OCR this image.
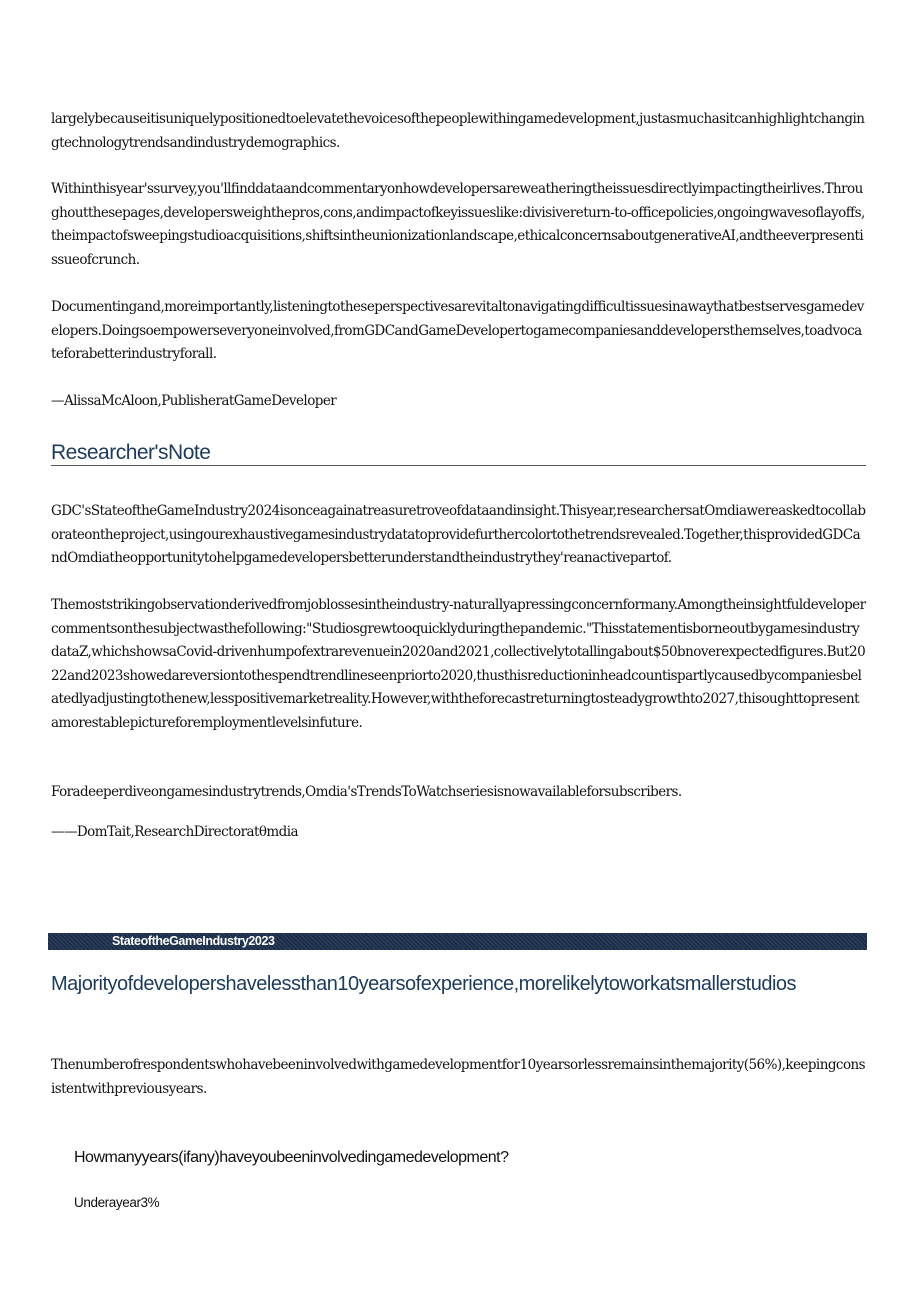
largelybecauseitisuniquelypositionedtoelevatethevoicesofthepeoplewithingamedevelopment,justasmuchasitcanhighlightchangingtechnologytrendsandindustrydemographics.

Withinthisyear'ssurvey,you'llfinddataandcommentaryonhowdevelopersareweatheringtheissuesdirectlyimpactingtheirlives.Throughoutthesepages,developersweighthepros,cons,andimpactofkeyissueslike:divisiverеturn-to-officepolicies,ongoingwavesoflayoffs,theimpactofsweepingstudioacquisitions,shiftsintheunionizationlandscape,ethicalconcernsaboutgenerativeAI,andtheeverpresentissueofcrunch.

Documentingand,moreimportantly,listeningtotheseperspectivesarevitaltonavigatingdifficultissuesinawaythatbestservesgamedevelopers.Doingsoempowerseveryoneinvolved,fromGDCandGameDevelopertogamecompaniesanddevelopersthemselves,toadvocateforabetterindustryforall.

—AlissaMcAloon,PublisheratGameDeveloper

Researcher'sNote

GDC'sStateoftheGameIndustry2024isonceagainatreasuretroveofdataandinsight.Thisyear,researchersatOmdiawereaskedtocollaborateontheproject,usingourexhaustivegamesindustrydatatoprovidefurthercolortothetrendsrevealed.Together,thisprovidedGDCandOmdiatheopportunitytohelpgamedevelopersbetterunderstandtheindustrythey'reanactivepartof.

Themoststrikingobservationderivedfromjoblossesintheindustry-naturallyapressingconcernformany.Amongtheinsightfuldevelopercommentsonthesubjectwasthefollowing:"Studiosgrewtooquicklyduringthepandemic."ThisstatementisborneoutbygamesindustrydataZ,whichshowsaCovid-drivenhumpofextrarevenuein2020and2021,collectivelytotallingabout$50bnoverexpectedfigures.But2022and2023showedareversiontothespendtrendlineseenpriorto2020,thusthisreductioninheadcountispartlycausedbycompaniesbelatedlyadjustingtothenew,lesspositivemarketreality.However,withtheforecastreturningtosteadygrowthto2027,thisoughttopresentamorestablepictureforemploymentlevelsinfuture.

Foradeeperdiveongamesindustrytrends,Omdia'sTrendsToWatchseriesisnowavailableforsubscribers.

——DomTait,ResearchDirectoratθmdia

StateoftheGameIndustry2023
Majorityofdevelopershavelessthan10yearsofexperience,morelikelytoworkatsmallerstudios

Thenumberofrespondentswhohavebeeninvolvedwithgamedevelopmentfor10yearsorlessremainsinthemajority(56%),keepingconsistentwithpreviousyears.

Howmanyyears(ifany)haveyoubeeninvolvedingamedevelopment?

Underayear3%
